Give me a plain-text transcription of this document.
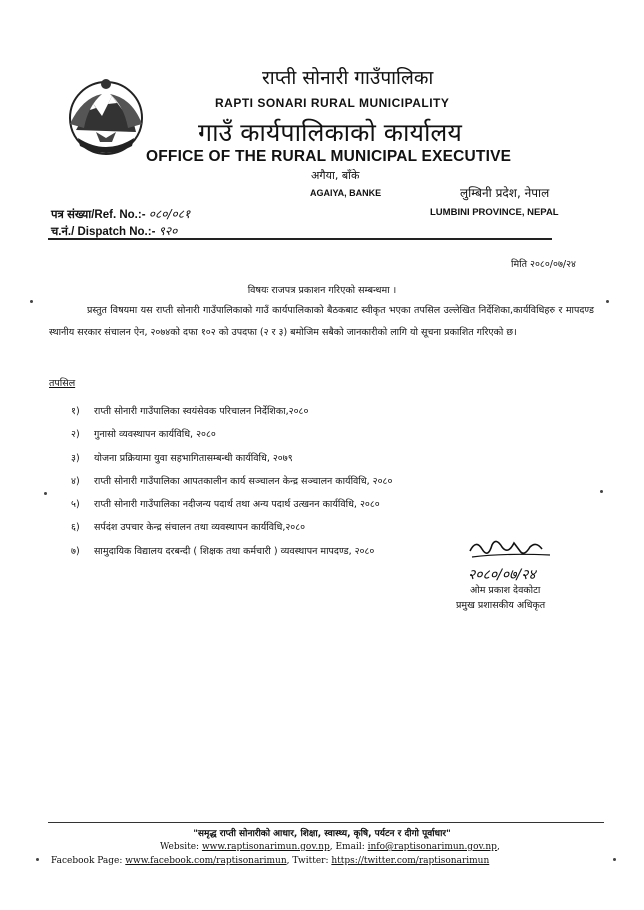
राप्ती सोनारी गाउँपालिका
RAPTI SONARI RURAL MUNICIPALITY
गाउँ कार्यपालिकाको कार्यालय
OFFICE OF THE RURAL MUNICIPAL EXECUTIVE
अगैया, बाँके
AGAIYA, BANKE	लुम्बिनी प्रदेश, नेपाल
LUMBINI PROVINCE, NEPAL
पत्र संख्या/Ref. No.:- ०८०/०८१
च.नं./ Dispatch No.:- ९२०
मिति २०८०/०७/२४
विषयः राजपत्र प्रकाशन गरिएको सम्बन्धमा ।
प्रस्तुत विषयमा यस राप्ती सोनारी गाउँपालिकाको गाउँ कार्यपालिकाको बैठकबाट स्वीकृत भएका तपसिल उल्लेखित निर्देशिका,कार्यविधिहरु र मापदण्ड स्थानीय सरकार संचालन ऐन, २०७४को दफा १०२ को उपदफा (२ र ३) बमोजिम सबैको जानकारीको लागि यो सूचना प्रकाशित गरिएको छ।
तपसिल
१) राप्ती सोनारी गाउँपालिका स्वयंसेवक परिचालन निर्देशिका,२०८०
२) गुनासो व्यवस्थापन कार्यविधि, २०८०
३) योजना प्रक्रियामा युवा सहभागितासम्बन्धी कार्यविधि, २०७९
४) राप्ती सोनारी गाउँपालिका आपतकालीन कार्य सञ्चालन केन्द्र सञ्चालन कार्यविधि, २०८०
५) राप्ती सोनारी गाउँपालिका नदीजन्य पदार्थ तथा अन्य पदार्थ उत्खनन कार्यविधि, २०८०
६) सर्पदंश उपचार केन्द्र संचालन तथा व्यवस्थापन कार्यविधि,२०८०
७) सामुदायिक विद्यालय दरबन्दी ( शिक्षक तथा कर्मचारी ) व्यवस्थापन मापदण्ड, २०८०
२०८०/०७/२४
ओम प्रकाश देवकोटा
प्रमुख प्रशासकीय अधिकृत
"समृद्ध राप्ती सोनारीको आधार, शिक्षा, स्वास्थ्य, कृषि, पर्यटन र दीगो पूर्वाधार"
Website: www.raptisonarimun.gov.np, Email: info@raptisonarimun.gov.np,
Facebook Page: www.facebook.com/raptisonarimun, Twitter: https://twitter.com/raptisonarimun
